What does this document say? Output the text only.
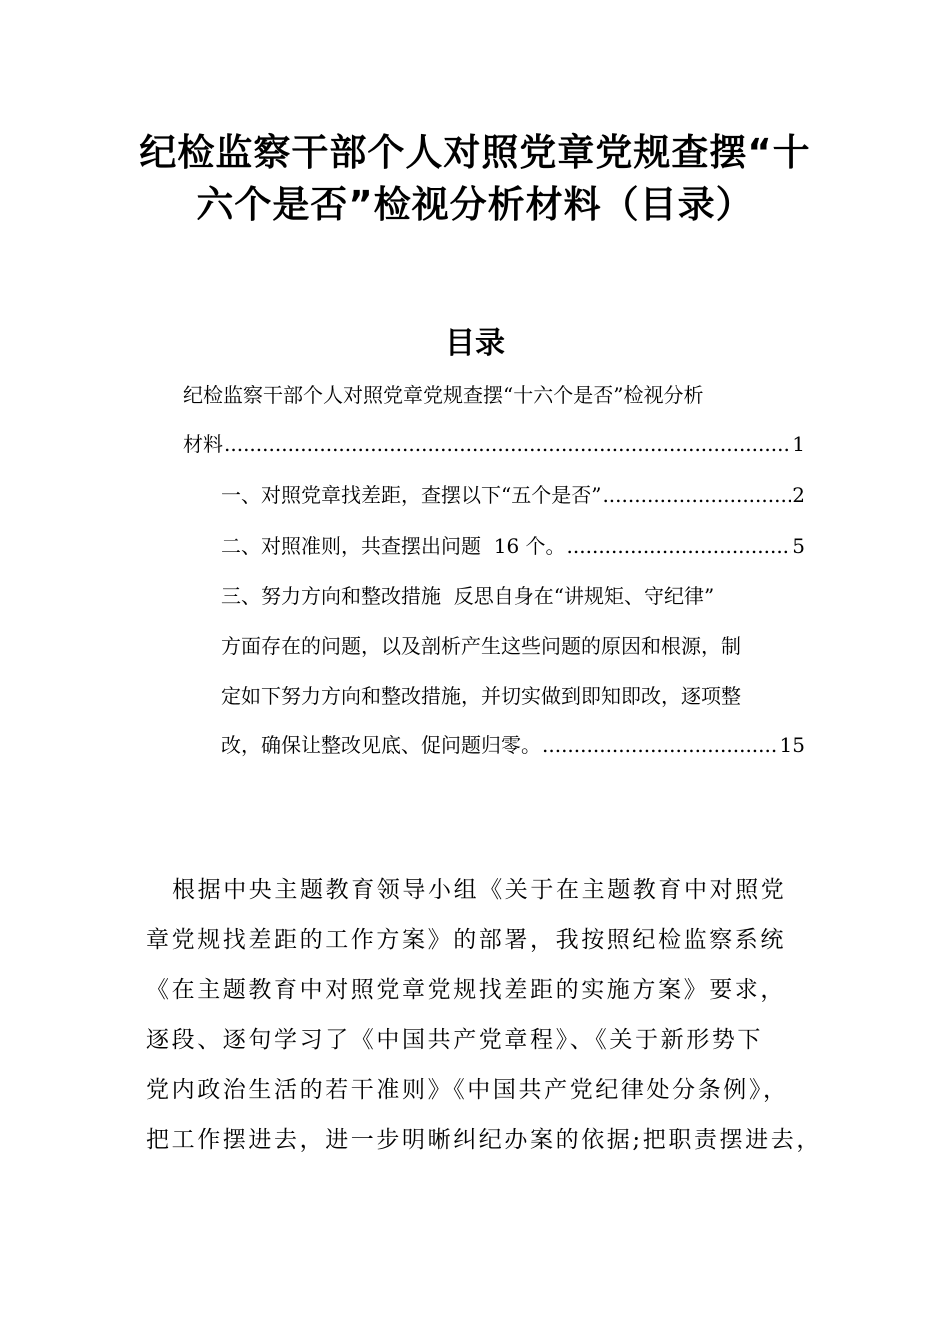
纪检监察干部个人对照党章党规查摆“十
六个是否”检视分析材料（目录）
目录
纪检监察干部个人对照党章党规查摆“十六个是否”检视分析
材料 .....	1
一、对照党章找差距，查摆以下“五个是否” .....	2
二、对照准则，共查摆出问题  16 个。 .....	5
三、努力方向和整改措施  反思自身在“讲规矩、守纪律”
方面存在的问题，以及剖析产生这些问题的原因和根源，制
定如下努力方向和整改措施，并切实做到即知即改，逐项整
改，确保让整改见底、促问题归零。 .....	15
根据中央主题教育领导小组《关于在主题教育中对照党
章党规找差距的工作方案》的部署，我按照纪检监察系统
《在主题教育中对照党章党规找差距的实施方案》要求，
逐段、逐句学习了《中国共产党章程》、《关于新形势下
党内政治生活的若干准则》《中国共产党纪律处分条例》，
把工作摆进去，进一步明晰纠纪办案的依据;把职责摆进去，
